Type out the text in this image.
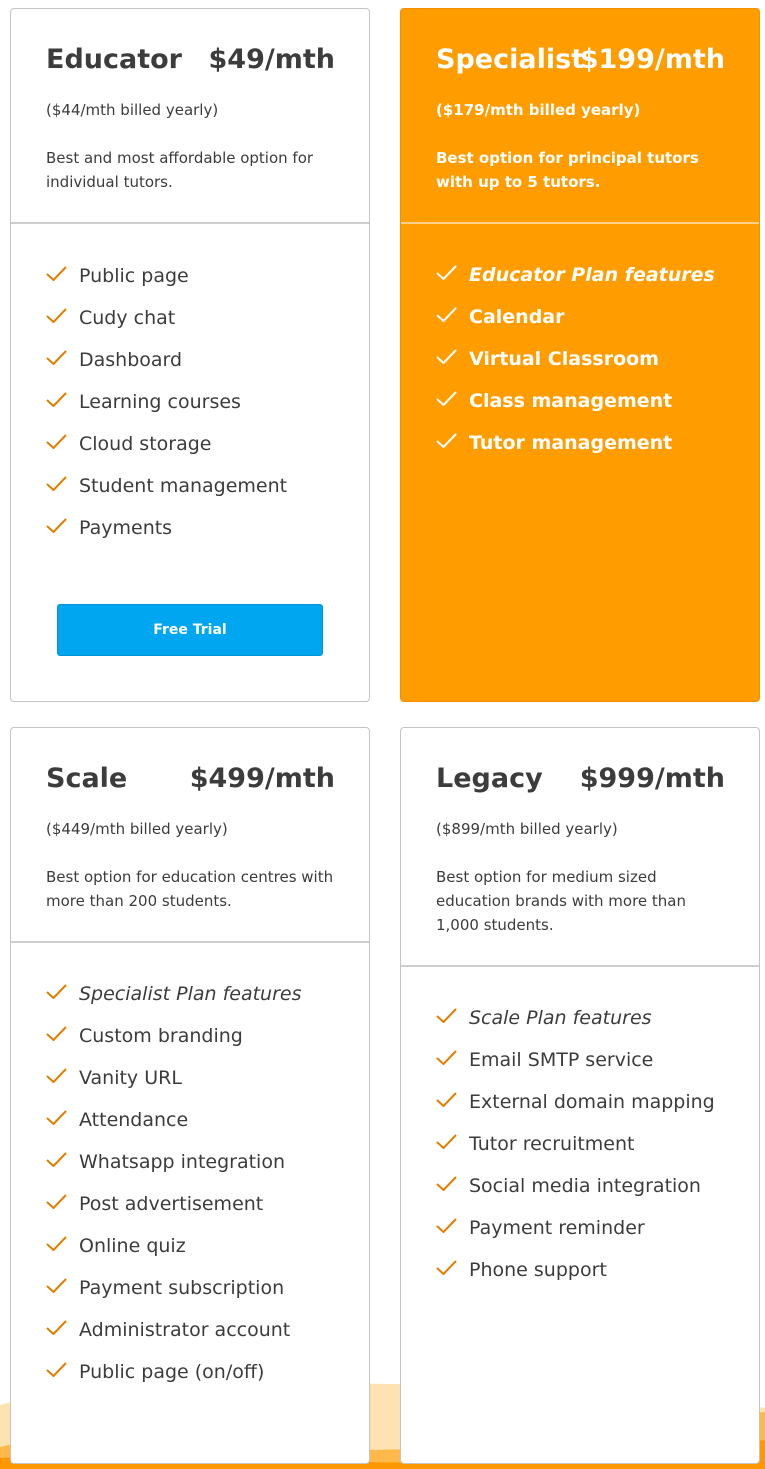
Educator $49/mth
($44/mth billed yearly)
Best and most affordable option for individual tutors.
Public page
Cudy chat
Dashboard
Learning courses
Cloud storage
Student management
Payments
Free Trial
Specialist
$199/mth
($179/mth billed yearly)
Best option for principal tutors with up to 5 tutors.
Educator Plan features
Calendar
Virtual Classroom
Class management
Tutor management
Scale $499/mth
($449/mth billed yearly)
Best option for education centres with more than 200 students.
Specialist Plan features
Custom branding
Vanity URL
Attendance
Whatsapp integration
Post advertisement
Online quiz
Payment subscription
Administrator account
Public page (on/off)
Legacy $999/mth
($899/mth billed yearly)
Best option for medium sized education brands with more than 1,000 students.
Scale Plan features
Email SMTP service
External domain mapping
Tutor recruitment
Social media integration
Payment reminder
Phone support
